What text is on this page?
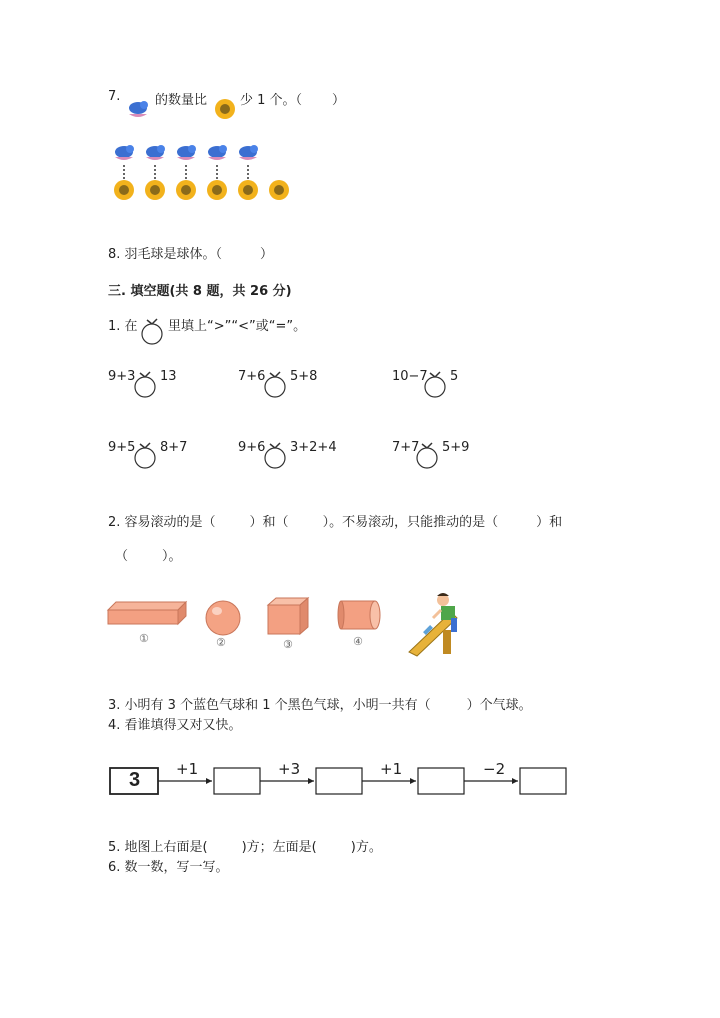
7.	的数量比	少 1 个。（ ）
8. 羽毛球是球体。（	）
三. 填空题(共 8 题，共 26 分)
1. 在 里填上“>”“<”或“=”。
9+3 13	7+6 5+8	10−7 5
9+5 8+7	9+6 3+2+4	7+7 5+9
2. 容易滚动的是（	）和（	）。不易滚动，只能推动的是（	）和
（	）。
①	②	③	④
3. 小明有 3 个蓝色气球和 1 个黑色气球，小明一共有（	）个气球。
4. 看谁填得又对又快。
3 +1	+3	+1	−2
5. 地图上右面是(	)方；左面是(	)方。
6. 数一数，写一写。
